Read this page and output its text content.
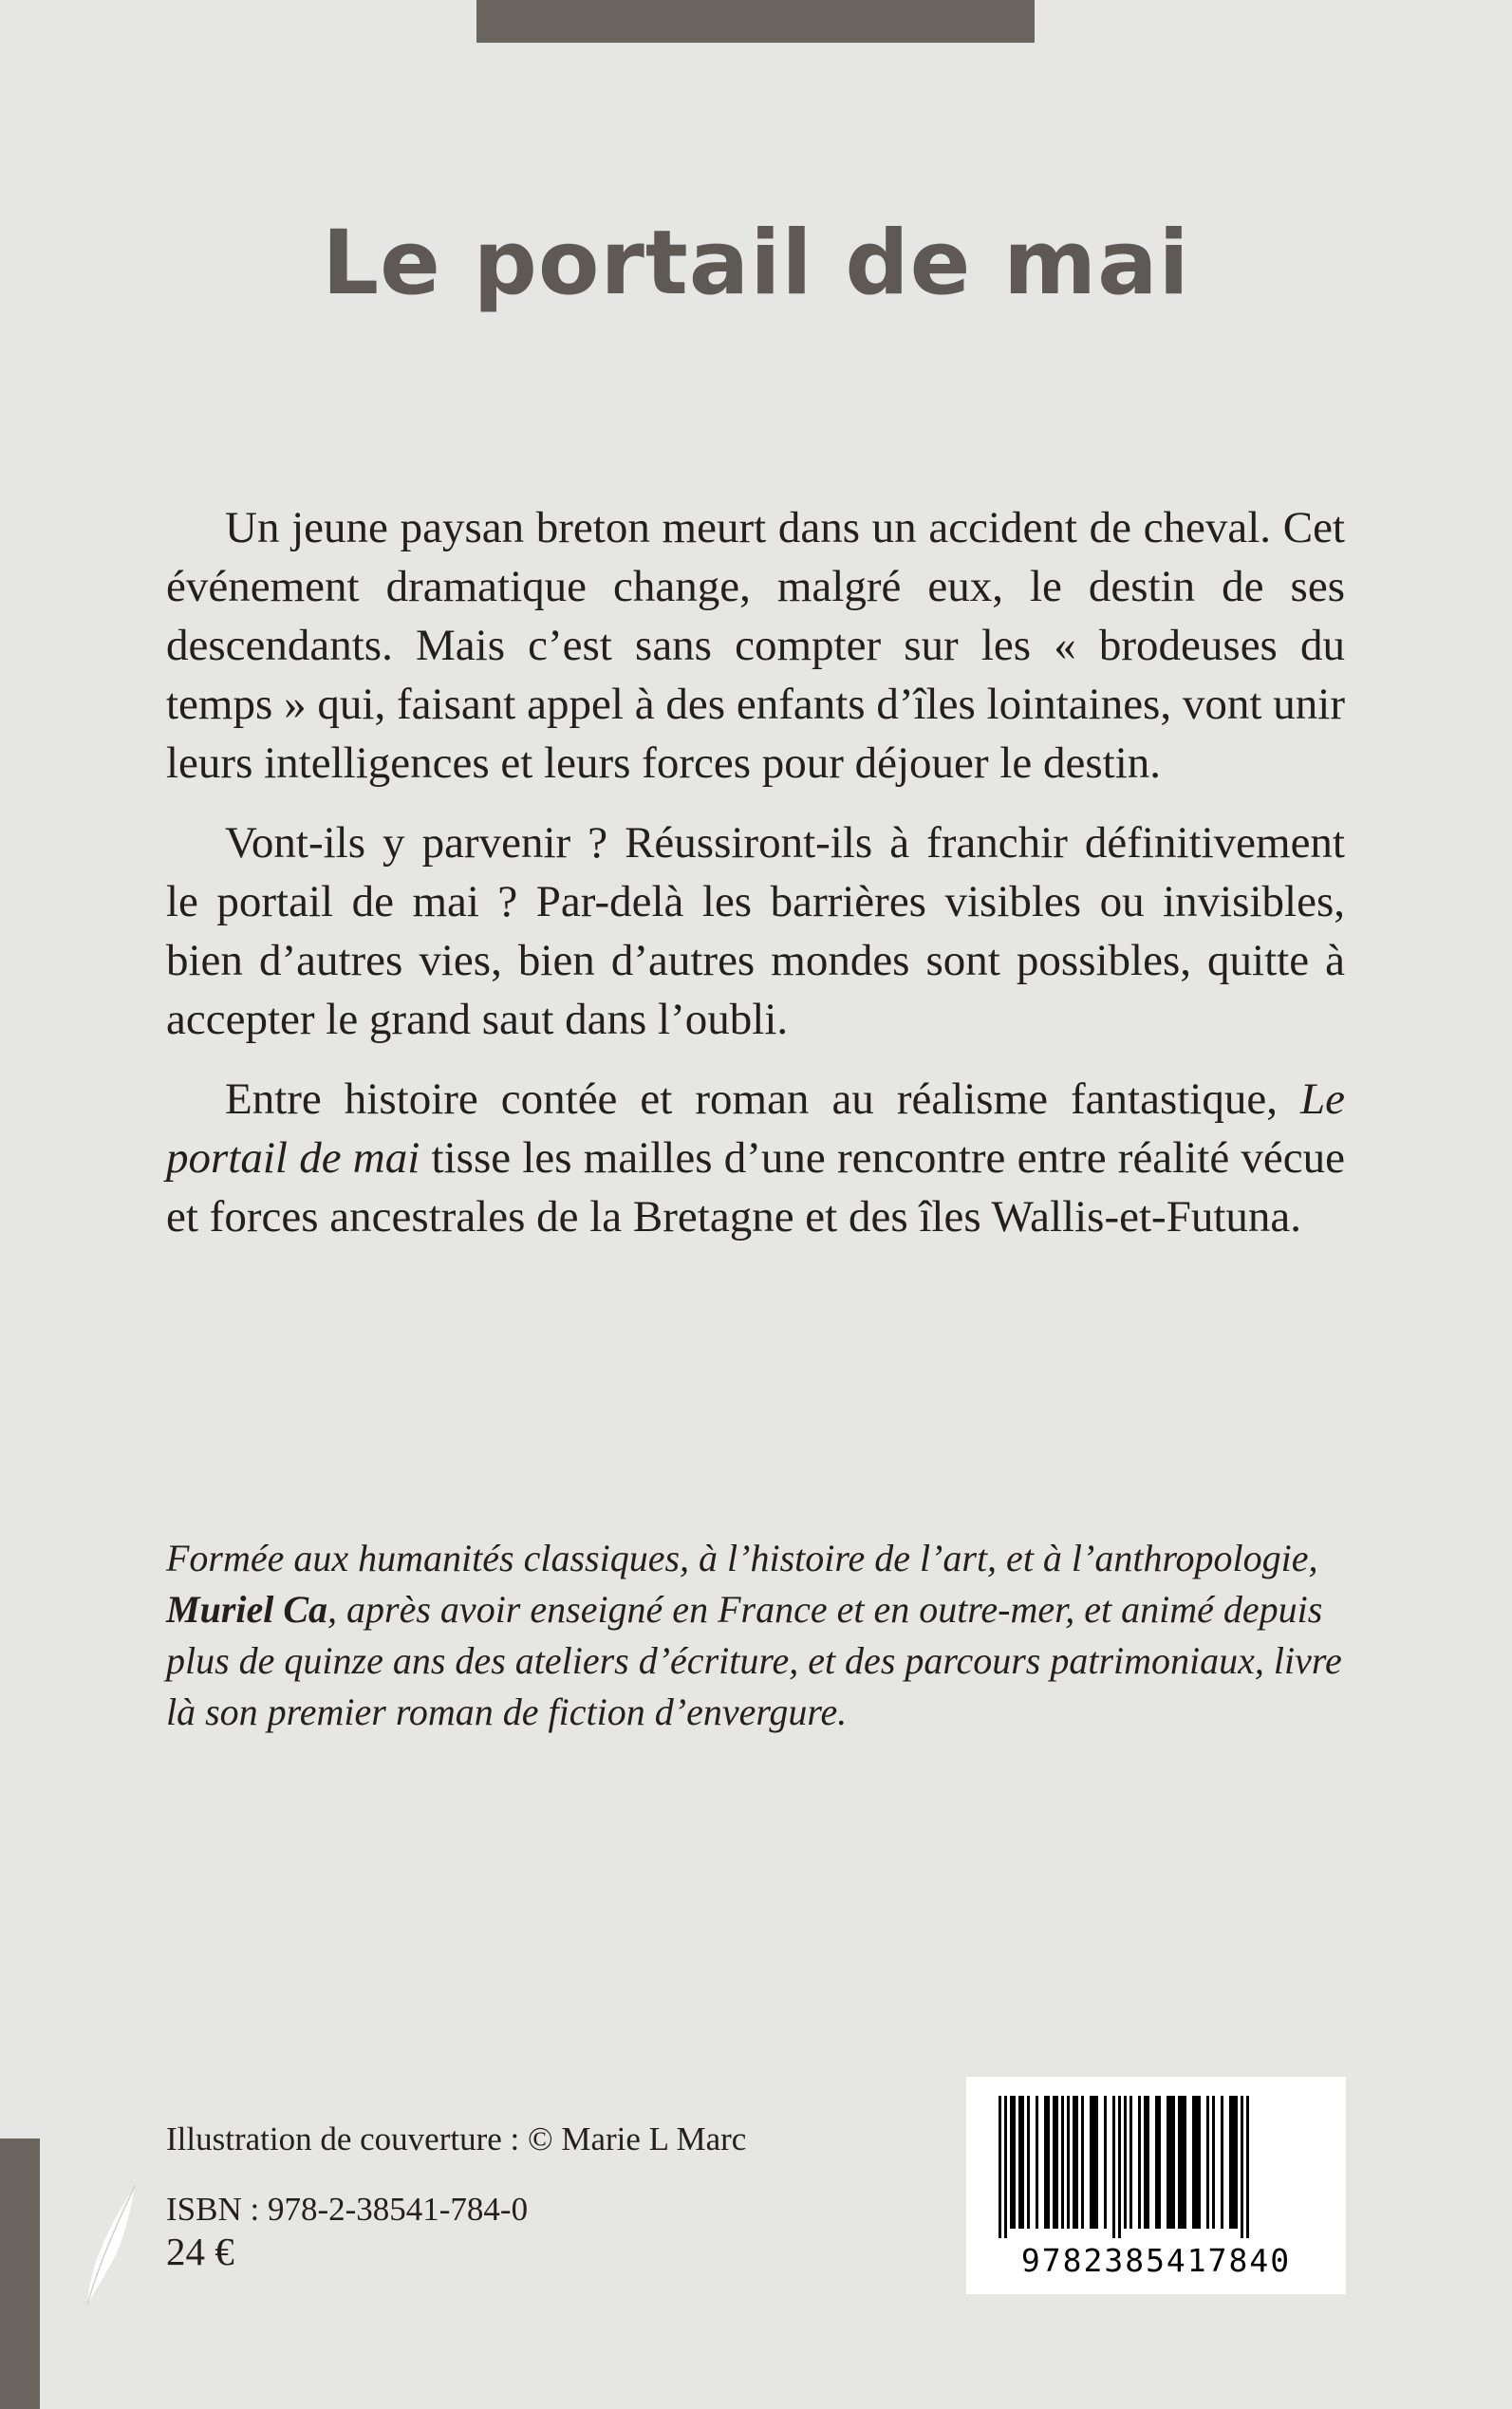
Le portail de mai

Un jeune paysan breton meurt dans un accident de cheval. Cet événement dramatique change, malgré eux, le destin de ses descendants. Mais c’est sans compter sur les « brodeuses du temps » qui, faisant appel à des enfants d’îles lointaines, vont unir leurs intelligences et leurs forces pour déjouer le destin.

Vont-ils y parvenir ? Réussiront-ils à franchir définitivement le portail de mai ? Par-delà les barrières visibles ou invisibles, bien d’autres vies, bien d’autres mondes sont possibles, quitte à accepter le grand saut dans l’oubli.

Entre histoire contée et roman au réalisme fantastique, Le portail de mai tisse les mailles d’une rencontre entre réalité vécue et forces ancestrales de la Bretagne et des îles Wallis-et-Futuna.

Formée aux humanités classiques, à l’histoire de l’art, et à l’anthropologie, Muriel Ca, après avoir enseigné en France et en outre-mer, et animé depuis plus de quinze ans des ateliers d’écriture, et des parcours patrimoniaux, livre là son premier roman de fiction d’envergure.

Illustration de couverture : © Marie L Marc
ISBN : 978-2-38541-784-0
24 €	9782385417840
